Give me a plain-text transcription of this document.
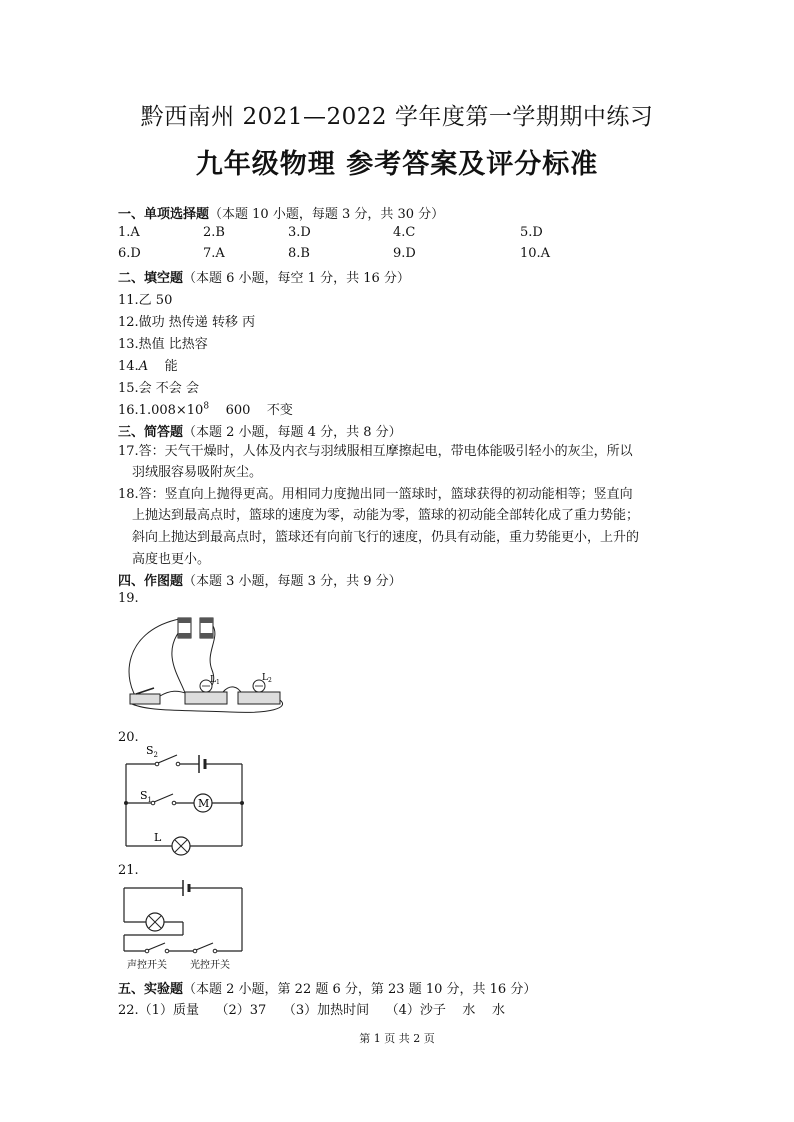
黔西南州 2021—2022 学年度第一学期期中练习
九年级物理 参考答案及评分标准
一、单项选择题（本题 10 小题，每题 3 分，共 30 分）
1.A	2.B	3.D	4.C	5.D
6.D	7.A	8.B	9.D	10.A
二、填空题（本题 6 小题，每空 1 分，共 16 分）
11.乙 50
12.做功 热传递 转移 丙
13.热值 比热容
14.A    能
15.会 不会 会
$16.1.008\times 10^8$    600    不变
三、简答题（本题 2 小题，每题 4 分，共 8 分）
17.答：天气干燥时，人体及内衣与羽绒服相互摩擦起电，带电体能吸引轻小的灰尘，所以
羽绒服容易吸附灰尘。
18.答：竖直向上抛得更高。用相同力度抛出同一篮球时，篮球获得的初动能相等；竖直向
上抛达到最高点时，篮球的速度为零，动能为零，篮球的初动能全部转化成了重力势能；
斜向上抛达到最高点时，篮球还有向前飞行的速度，仍具有动能，重力势能更小，上升的
高度也更小。
四、作图题（本题 3 小题，每题 3 分，共 9 分）
19.
$L_1$	$L_2$
20.
$S_2$
M
$S_1$
L
21.
声控开关 光控开关
五、实验题（本题 2 小题，第 22 题 6 分，第 23 题 10 分，共 16 分）
22.（1）质量    （2）37    （3）加热时间    （4）沙子    水    水
第 1 页 共 2 页
